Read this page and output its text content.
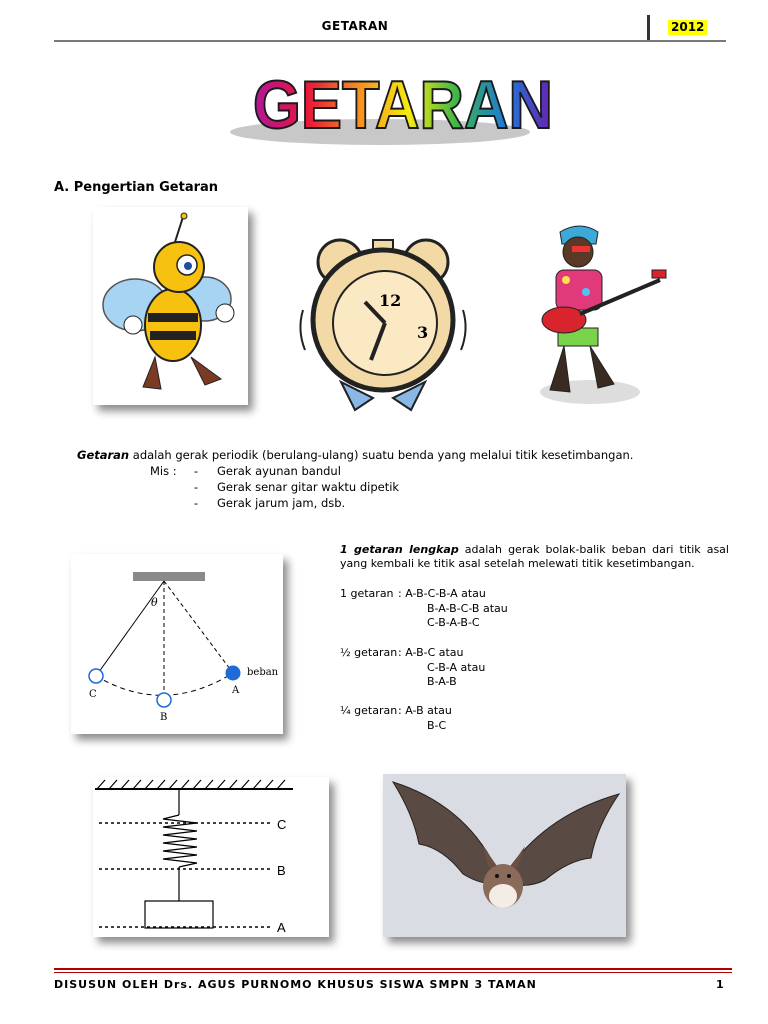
GETARAN	2012
GETARAN
A. Pengertian Getaran
12
3
Getaran adalah gerak periodik (berulang-ulang) suatu benda yang melalui titik kesetimbangan.
Mis : - Gerak ayunan bandul
- Gerak senar gitar waktu dipetik
- Gerak jarum jam, dsb.
θ
beban
A
B
C
1 getaran lengkap adalah gerak bolak-balik beban dari titik asal yang kembali ke titik asal setelah melewati titik kesetimbangan.
1 getaran : A-B-C-B-A atau
B-A-B-C-B atau
C-B-A-B-C
½ getaran: A-B-C atau
C-B-A atau
B-A-B
¼ getaran: A-B atau
B-C
C
B
A
DISUSUN OLEH Drs. AGUS PURNOMO KHUSUS SISWA SMPN 3 TAMAN	1
